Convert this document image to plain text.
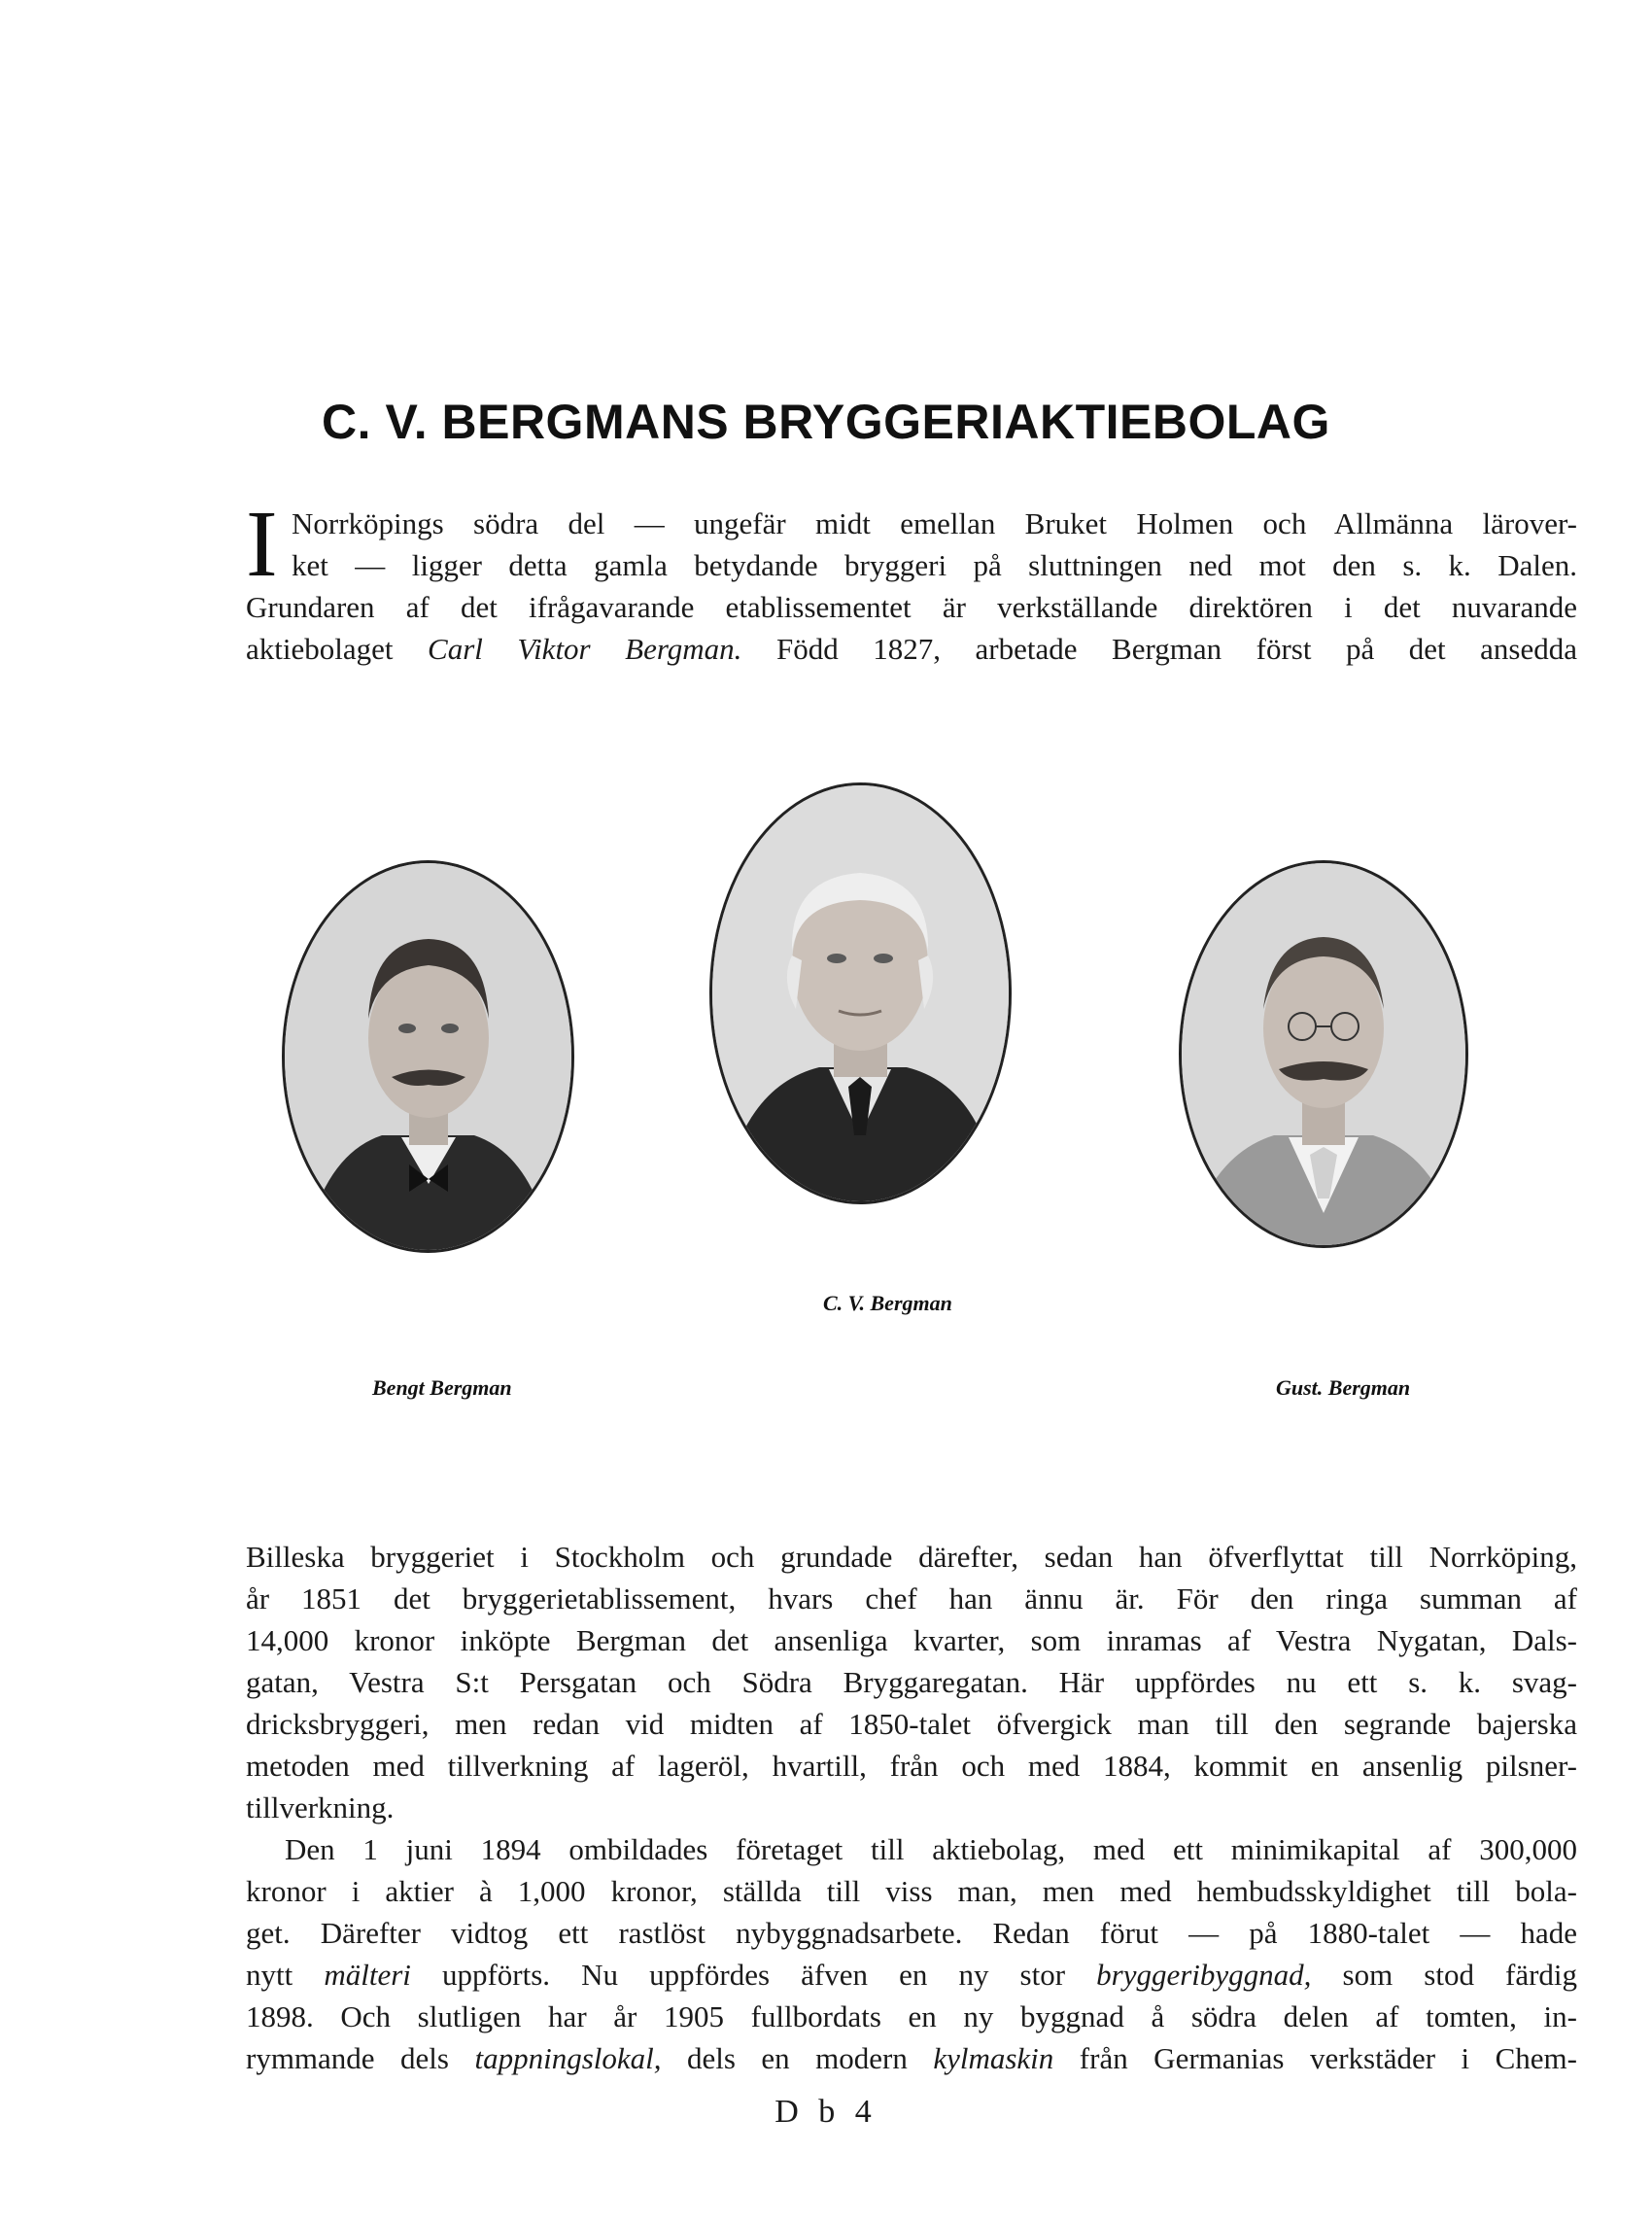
C. V. BERGMANS BRYGGERIAKTIEBOLAG
I Norrköpings södra del — ungefär midt emellan Bruket Holmen och Allmänna lärover-
ket — ligger detta gamla betydande bryggeri på sluttningen ned mot den s. k. Dalen.
Grundaren af det ifrågavarande etablissementet är verkställande direktören i det nuvarande
aktiebolaget Carl Viktor Bergman. Född 1827, arbetade Bergman först på det ansedda
Bengt Bergman
C. V. Bergman
Gust. Bergman
Billeska bryggeriet i Stockholm och grundade därefter, sedan han öfverflyttat till Norrköping,
år 1851 det bryggerietablissement, hvars chef han ännu är. För den ringa summan af
14,000 kronor inköpte Bergman det ansenliga kvarter, som inramas af Vestra Nygatan, Dals-
gatan, Vestra S:t Persgatan och Södra Bryggaregatan. Här uppfördes nu ett s. k. svag-
dricksbryggeri, men redan vid midten af 1850-talet öfvergick man till den segrande bajerska
metoden med tillverkning af lageröl, hvartill, från och med 1884, kommit en ansenlig pilsner-
tillverkning.
Den 1 juni 1894 ombildades företaget till aktiebolag, med ett minimikapital af 300,000
kronor i aktier à 1,000 kronor, ställda till viss man, men med hembudsskyldighet till bola-
get. Därefter vidtog ett rastlöst nybyggnadsarbete. Redan förut — på 1880-talet — hade
nytt mälteri uppförts. Nu uppfördes äfven en ny stor bryggeribyggnad, som stod färdig
1898. Och slutligen har år 1905 fullbordats en ny byggnad å södra delen af tomten, in-
rymmande dels tappningslokal, dels en modern kylmaskin från Germanias verkstäder i Chem-
D b 4
